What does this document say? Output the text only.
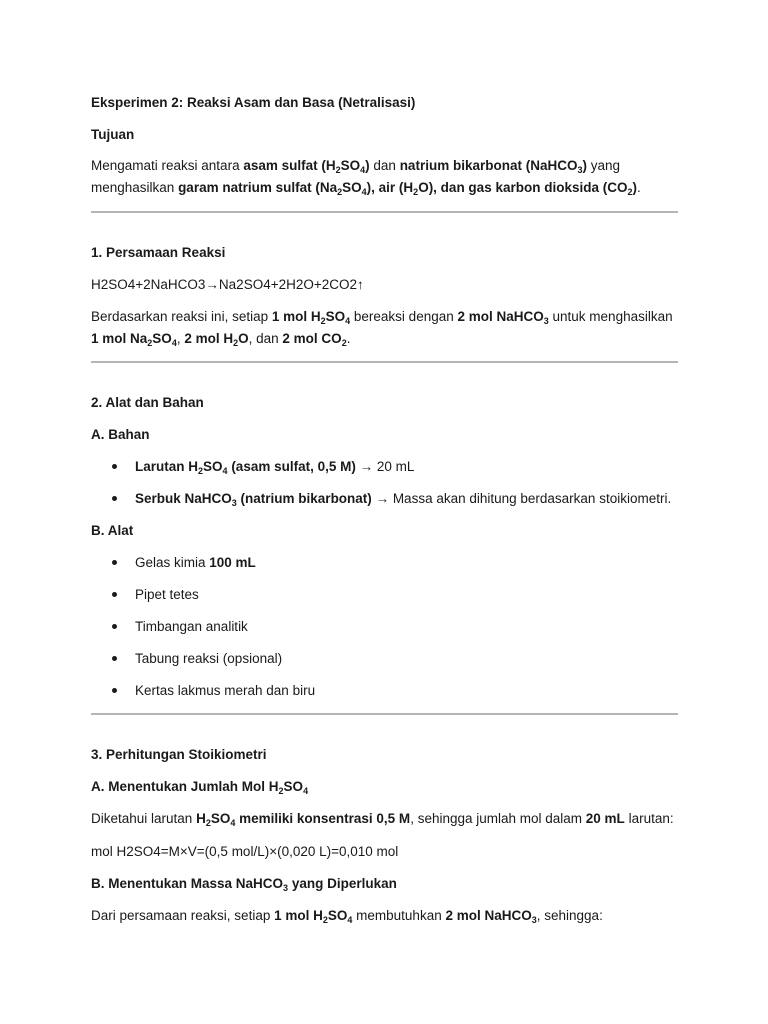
Eksperimen 2: Reaksi Asam dan Basa (Netralisasi)
Tujuan
Mengamati reaksi antara asam sulfat $(H_2SO_4)$ dan natrium bikarbonat (NaHCO$_3$) yang menghasilkan garam natrium sulfat $(Na_2SO_4)$, air $(H_2O)$, dan gas karbon dioksida $(CO_2)$.
1. Persamaan Reaksi
H2SO4+2NaHCO3→Na2SO4+2H2O+2CO2↑
Berdasarkan reaksi ini, setiap 1 mol $H_2SO_4$ bereaksi dengan 2 mol NaHCO$_3$ untuk menghasilkan
1 mol $Na_2SO_4$, 2 mol $H_2O$, dan 2 mol $CO_2$.
2. Alat dan Bahan
A. Bahan
Larutan $H_2SO_4$ (asam sulfat, 0,5 M) → 20 mL
Serbuk NaHCO$_3$ (natrium bikarbonat) → Massa akan dihitung berdasarkan stoikiometri.
B. Alat
Gelas kimia 100 mL
Pipet tetes
Timbangan analitik
Tabung reaksi (opsional)
Kertas lakmus merah dan biru
3. Perhitungan Stoikiometri
A. Menentukan Jumlah Mol $H_2SO_4$
Diketahui larutan $H_2SO_4$ memiliki konsentrasi 0,5 M, sehingga jumlah mol dalam 20 mL larutan:
mol H2SO4=M×V=(0,5 mol/L)×(0,020 L)=0,010 mol
B. Menentukan Massa NaHCO$_3$ yang Diperlukan
Dari persamaan reaksi, setiap 1 mol $H_2SO_4$ membutuhkan 2 mol NaHCO$_3$, sehingga:
